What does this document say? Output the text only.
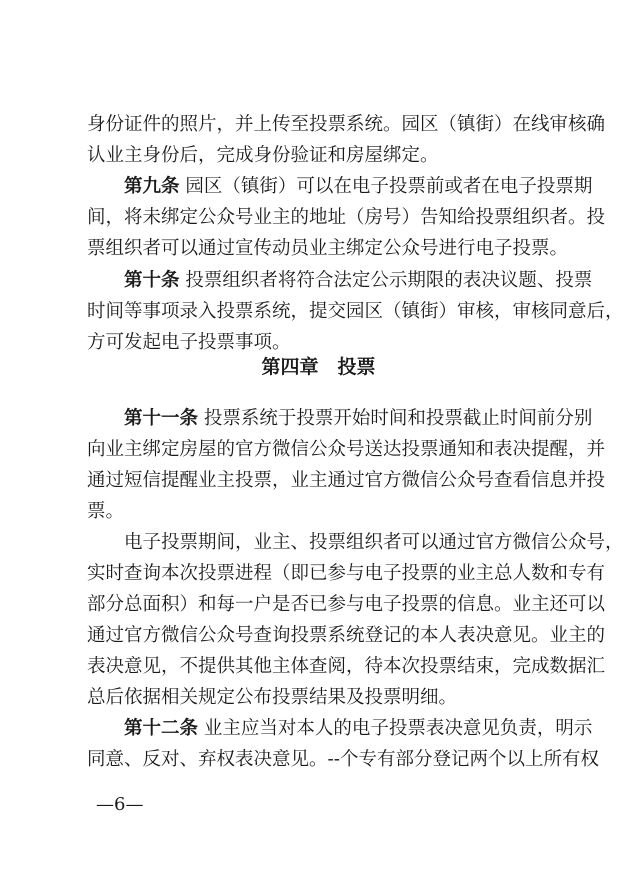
身份证件的照片，并上传至投票系统。园区（镇街）在线审核确
认业主身份后，完成身份验证和房屋绑定。
第九条 园区（镇街）可以在电子投票前或者在电子投票期
间，将未绑定公众号业主的地址（房号）告知给投票组织者。投
票组织者可以通过宣传动员业主绑定公众号进行电子投票。
第十条 投票组织者将符合法定公示期限的表决议题、投票
时间等事项录入投票系统，提交园区（镇街）审核，审核同意后，
方可发起电子投票事项。
第四章　投票
第十一条 投票系统于投票开始时间和投票截止时间前分别
向业主绑定房屋的官方微信公众号送达投票通知和表决提醒，并
通过短信提醒业主投票，业主通过官方微信公众号查看信息并投
票。
电子投票期间，业主、投票组织者可以通过官方微信公众号，
实时查询本次投票进程（即已参与电子投票的业主总人数和专有
部分总面积）和每一户是否已参与电子投票的信息。业主还可以
通过官方微信公众号查询投票系统登记的本人表决意见。业主的
表决意见，不提供其他主体查阅，待本次投票结束，完成数据汇
总后依据相关规定公布投票结果及投票明细。
第十二条 业主应当对本人的电子投票表决意见负责，明示
同意、反对、弃权表决意见。--个专有部分登记两个以上所有权
—6—
